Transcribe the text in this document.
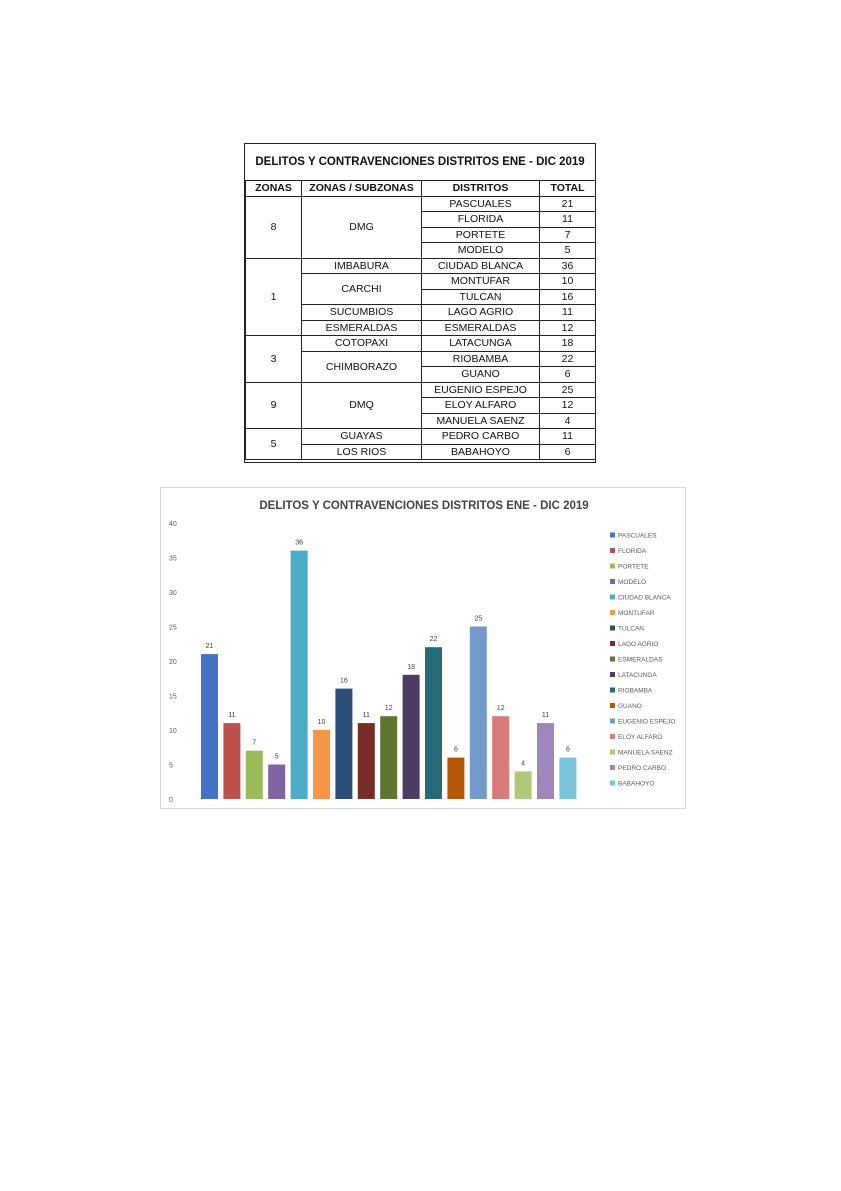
DELITOS Y CONTRAVENCIONES DISTRITOS ENE - DIC 2019
ZONAS	ZONAS / SUBZONAS	DISTRITOS	TOTAL
8	DMG	PASCUALES	21
		FLORIDA	11
		PORTETE	7
		MODELO	5
1	IMBABURA	CIUDAD BLANCA	36
	CARCHI	MONTUFAR	10
		TULCAN	16
	SUCUMBIOS	LAGO AGRIO	11
	ESMERALDAS	ESMERALDAS	12
3	COTOPAXI	LATACUNGA	18
	CHIMBORAZO	RIOBAMBA	22
		GUANO	6
9	DMQ	EUGENIO ESPEJO	25
		ELOY ALFARO	12
		MANUELA SAENZ	4
5	GUAYAS	PEDRO CARBO	11
	LOS RIOS	BABAHOYO	6
DELITOS Y CONTRAVENCIONES DISTRITOS ENE - DIC 2019
0
5
10
15
20
25
30
35
40
21
11
7
5
36
10
16
11
12
18
22
6
25
12
4
11
6
PASCUALES
FLORIDA
PORTETE
MODELO
CIUDAD BLANCA
MONTUFAR
TULCAN
LAGO AGRIO
ESMERALDAS
LATACUNGA
RIOBAMBA
GUANO
EUGENIO ESPEJO
ELOY ALFARO
MANUELA SAENZ
PEDRO CARBO
BABAHOYO
